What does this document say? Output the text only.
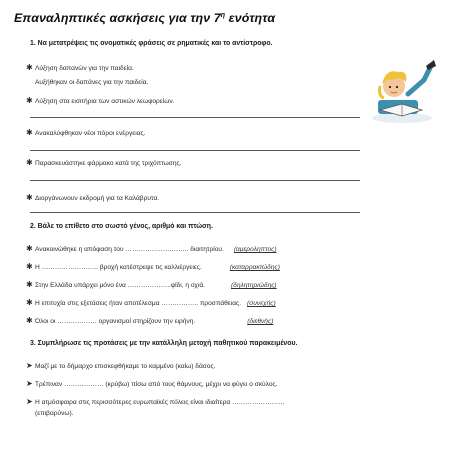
Επαναληπτικές ασκήσεις για την $7^\eta$ ενότητα
1. Να μετατρέψεις τις ονοματικές φράσεις σε ρηματικές και το αντίστροφο.
✱ Λύξηση δαπανών για την παιδεία.
Αυξήθηκαν οι δαπάνες για την παιδεία.
✱ Λύξηση στα εισιτήρια των αστικών λεωφορείων.
✱ Ανακαλύφθηκαν νέοι πόροι ενέργειας.
✱ Παρασκευάστηκε φάρμακο κατά της τριχόπτωσης.
✱ Διοργάνωνουν εκδρομή για τα Καλάβρυτα.
2. Βάλε το επίθετο στο σωστό γένος, αριθμό και πτώση.
✱ Ανακοινώθηκε η απόφαση του ……………………….. διαιτητρίου. (αμεροληπτος)
✱ Η …………………….. βροχή κατέστρεψε τις καλλιέργειες.	(καταρρακτώδης)
✱ Στην Ελλάδα υπάρχει μόνο ένα ………………..φίδι, η οχιά.	(δηλητηριώδης)
✱ Η επιτυχία στις εξετάσεις ήταν αποτέλεσμα …………….. προσπάθειας. (συνεχής)
✱ Όλοι οι ……………… οργανισμοί στηρίζουν την ειρήνη.	(διεθνής)
3. Συμπλήρωσε τις προτάσεις με την κατάλληλη μετοχή παθητικού παρακειμένου.
➤ Μαζί με το δήμαρχο επισκεφθήκαμε το καμμένο (καίω) δάσος.
➤ Τρέπιναν ……………… (κρύβω) πίσω από τους θάμνους, μέχρι να φύγει ο σκύλος.
➤ Η ατμόσφαιρα στις περισσότερες ευρωπαϊκές πόλεις είναι ιδιαίτερα ……………………
(επιβαρύνω).
